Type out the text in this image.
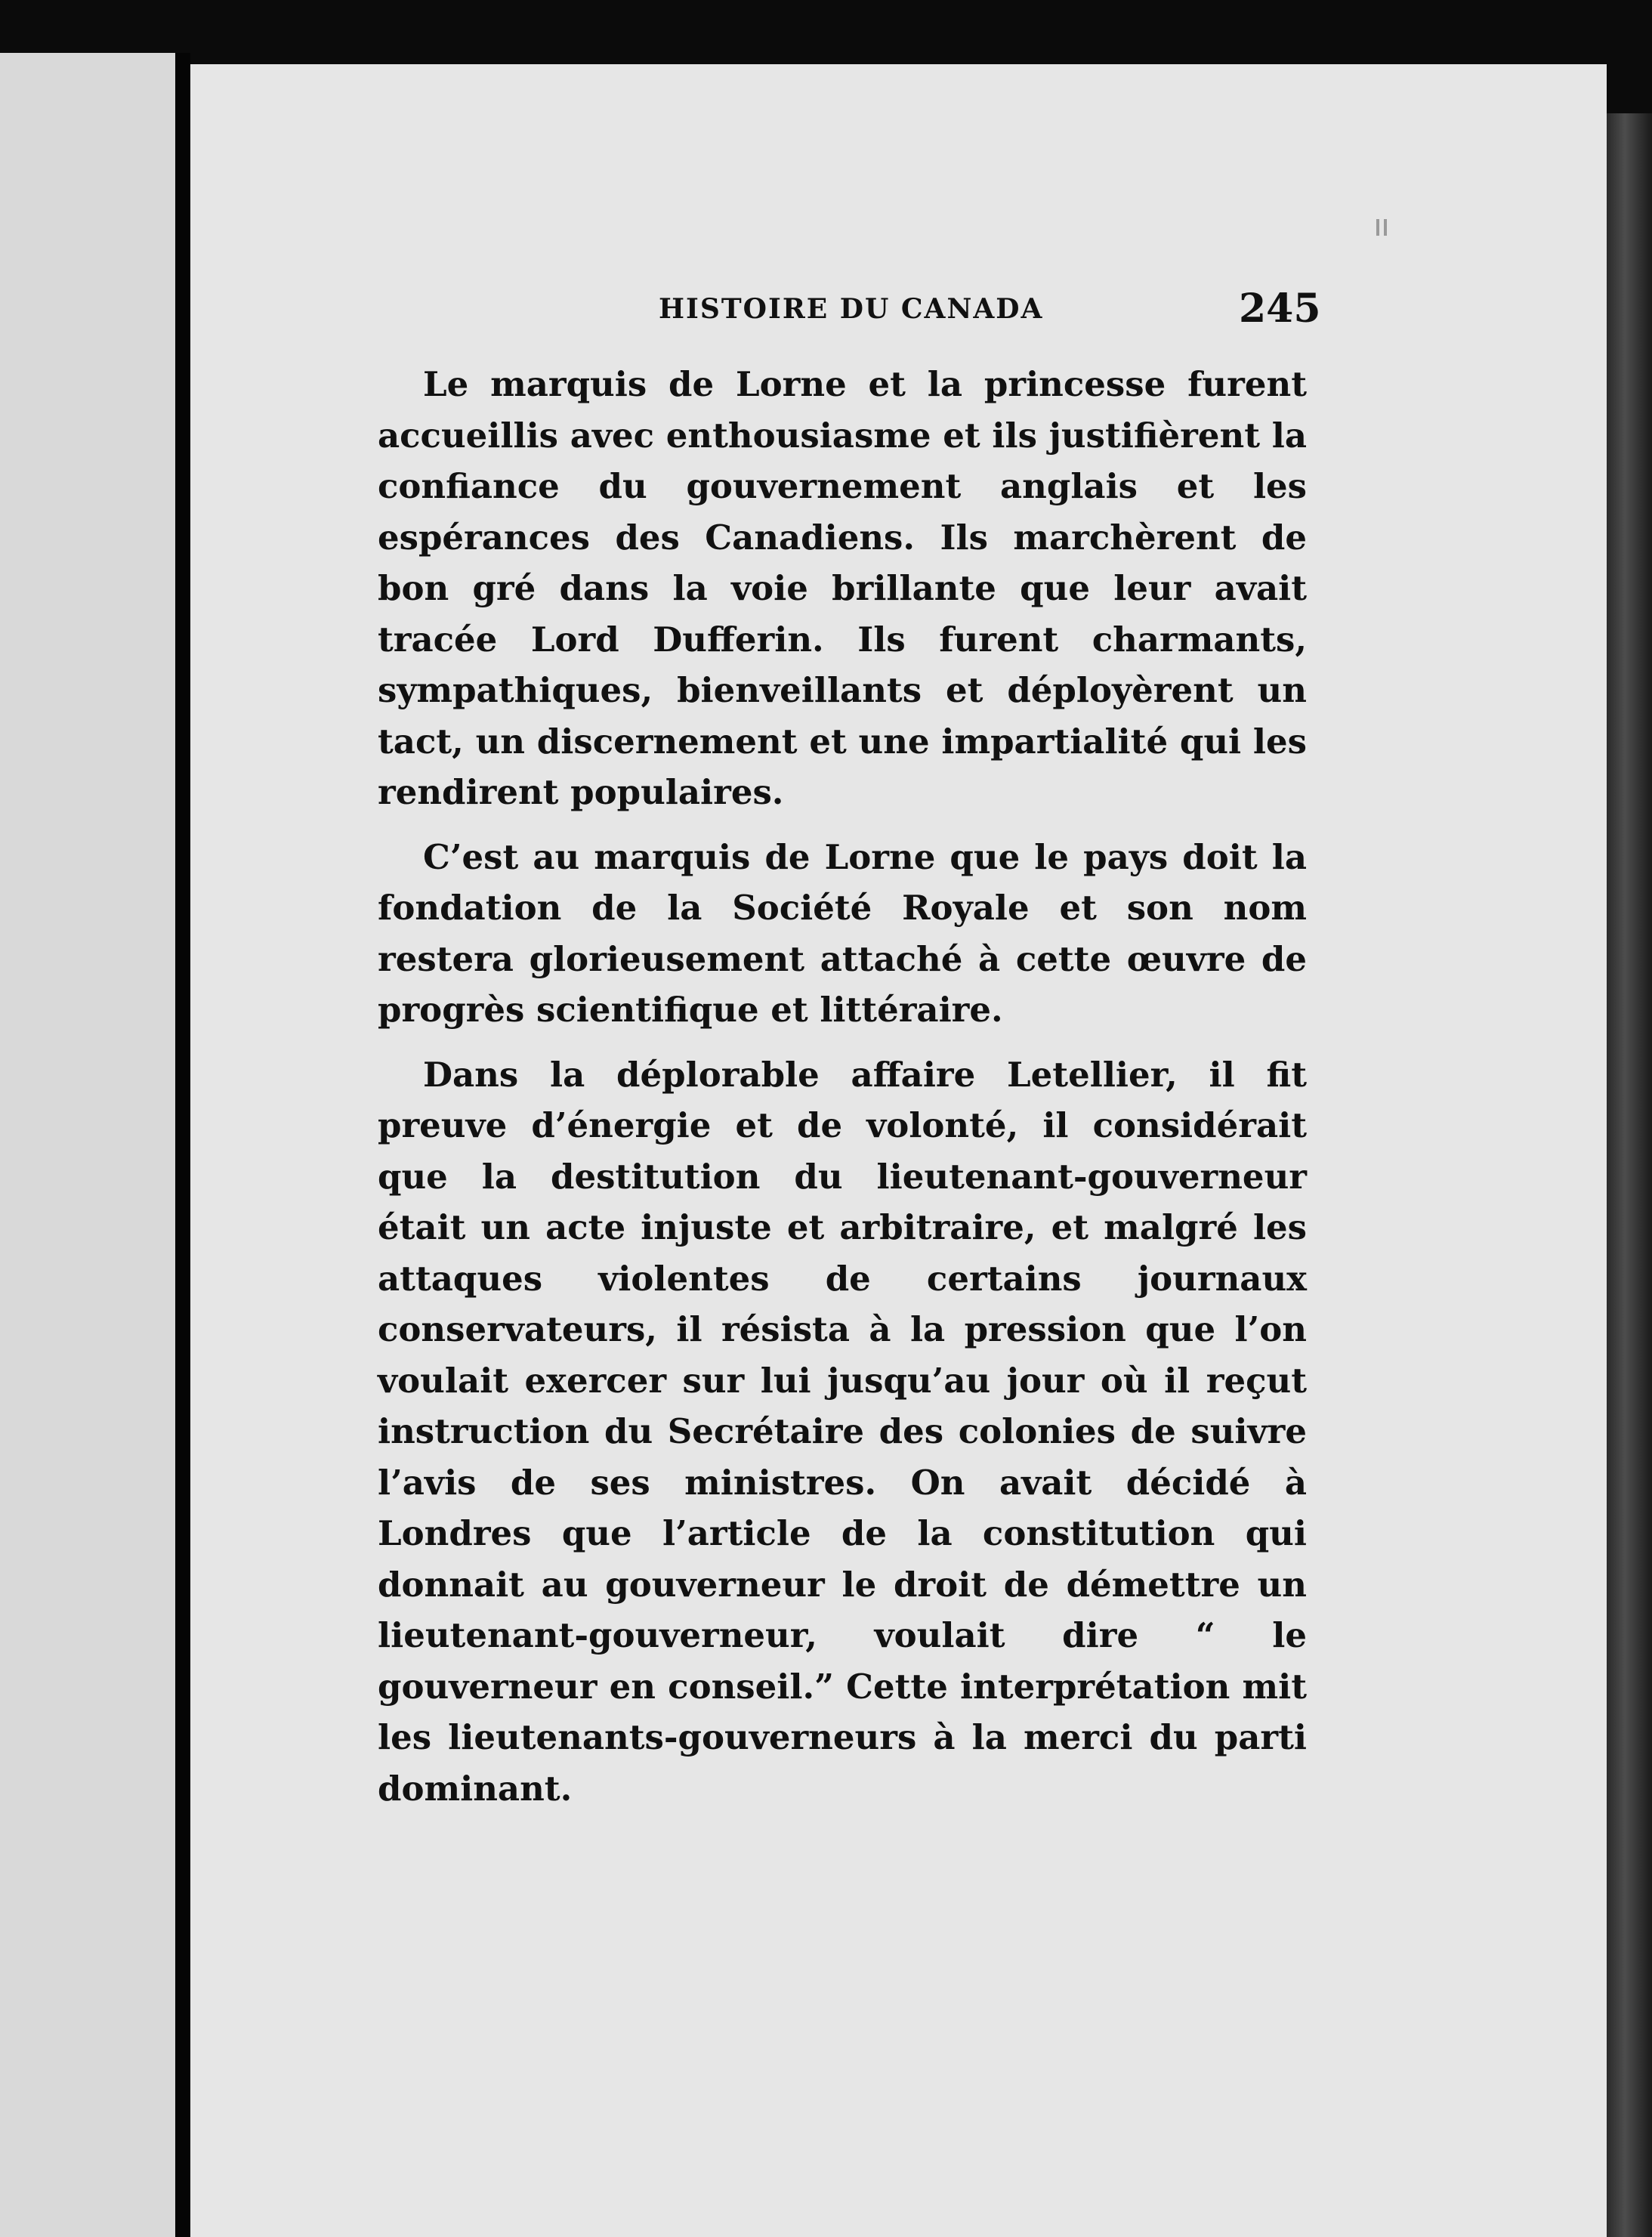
HISTOIRE DU CANADA	245

Le marquis de Lorne et la princesse furent accueillis avec enthousiasme et ils justifièrent la confiance du gouvernement anglais et les espérances des Canadiens. Ils marchèrent de bon gré dans la voie brillante que leur avait tracée Lord Dufferin. Ils furent charmants, sympathiques, bienveillants et déployèrent un tact, un discernement et une impartialité qui les rendirent populaires.

C’est au marquis de Lorne que le pays doit la fondation de la Société Royale et son nom restera glorieusement attaché à cette œuvre de progrès scientifique et littéraire.

Dans la déplorable affaire Letellier, il fit preuve d’énergie et de volonté, il considérait que la destitution du lieutenant-gouverneur était un acte injuste et arbitraire, et malgré les attaques violentes de certains journaux conservateurs, il résista à la pression que l’on voulait exercer sur lui jusqu’au jour où il reçut instruction du Secrétaire des colonies de suivre l’avis de ses ministres. On avait décidé à Londres que l’article de la constitution qui donnait au gouverneur le droit de démettre un lieutenant-gouverneur, voulait dire “ le gouverneur en conseil.” Cette interprétation mit les lieutenants-gouverneurs à la merci du parti dominant.
